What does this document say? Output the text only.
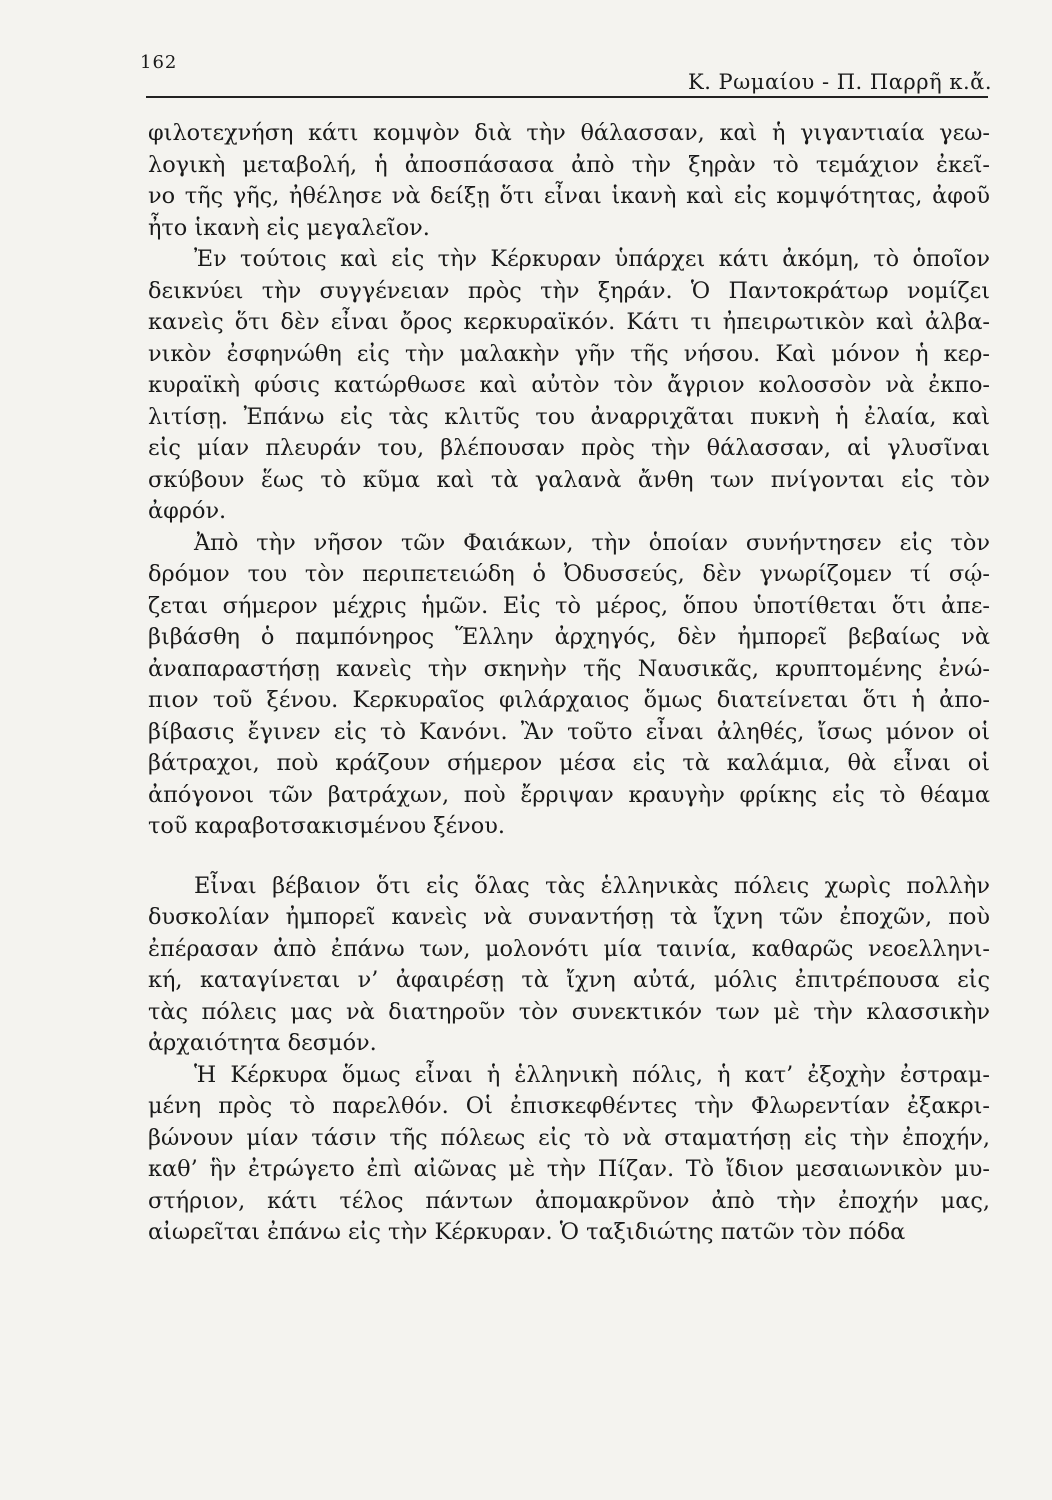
162
Κ. Ρωμαίου - Π. Παρρῆ κ.ἄ.
φιλοτεχνήση κάτι κομψὸν διὰ τὴν θάλασσαν, καὶ ἡ γιγαντιαία γεω-
λογικὴ μεταβολή, ἡ ἀποσπάσασα ἀπὸ τὴν ξηρὰν τὸ τεμάχιον ἐκεῖ-
νο τῆς γῆς, ἠθέλησε νὰ δείξῃ ὅτι εἶναι ἱκανὴ καὶ εἰς κομψότητας, ἀφοῦ
ἦτο ἱκανὴ εἰς μεγαλεῖον.
Ἐν τούτοις καὶ εἰς τὴν Κέρκυραν ὑπάρχει κάτι ἀκόμη, τὸ ὁποῖον
δεικνύει τὴν συγγένειαν πρὸς τὴν ξηράν. Ὁ Παντοκράτωρ νομίζει
κανεὶς ὅτι δὲν εἶναι ὄρος κερκυραϊκόν. Κάτι τι ἠπειρωτικὸν καὶ ἀλβα-
νικὸν ἐσφηνώθη εἰς τὴν μαλακὴν γῆν τῆς νήσου. Καὶ μόνον ἡ κερ-
κυραϊκὴ φύσις κατώρθωσε καὶ αὐτὸν τὸν ἄγριον κολοσσὸν νὰ ἐκπο-
λιτίσῃ. Ἐπάνω εἰς τὰς κλιτῦς του ἀναρριχᾶται πυκνὴ ἡ ἐλαία, καὶ
εἰς μίαν πλευράν του, βλέπουσαν πρὸς τὴν θάλασσαν, αἱ γλυσῖναι
σκύβουν ἕως τὸ κῦμα καὶ τὰ γαλανὰ ἄνθη των πνίγονται εἰς τὸν
ἀφρόν.
Ἀπὸ τὴν νῆσον τῶν Φαιάκων, τὴν ὁποίαν συνήντησεν εἰς τὸν
δρόμον του τὸν περιπετειώδη ὁ Ὀδυσσεύς, δὲν γνωρίζομεν τί σῴ-
ζεται σήμερον μέχρις ἡμῶν. Εἰς τὸ μέρος, ὅπου ὑποτίθεται ὅτι ἀπε-
βιβάσθη ὁ παμπόνηρος Ἕλλην ἀρχηγός, δὲν ἠμπορεῖ βεβαίως νὰ
ἀναπαραστήσῃ κανεὶς τὴν σκηνὴν τῆς Ναυσικᾶς, κρυπτομένης ἐνώ-
πιον τοῦ ξένου. Κερκυραῖος φιλάρχαιος ὅμως διατείνεται ὅτι ἡ ἀπο-
βίβασις ἔγινεν εἰς τὸ Κανόνι. Ἂν τοῦτο εἶναι ἀληθές, ἴσως μόνον οἱ
βάτραχοι, ποὺ κράζουν σήμερον μέσα εἰς τὰ καλάμια, θὰ εἶναι οἱ
ἀπόγονοι τῶν βατράχων, ποὺ ἔρριψαν κραυγὴν φρίκης εἰς τὸ θέαμα
τοῦ καραβοτσακισμένου ξένου.
Εἶναι βέβαιον ὅτι εἰς ὅλας τὰς ἑλληνικὰς πόλεις χωρὶς πολλὴν
δυσκολίαν ἠμπορεῖ κανεὶς νὰ συναντήσῃ τὰ ἴχνη τῶν ἐποχῶν, ποὺ
ἐπέρασαν ἀπὸ ἐπάνω των, μολονότι μία ταινία, καθαρῶς νεοελληνι-
κή, καταγίνεται ν’ ἀφαιρέσῃ τὰ ἴχνη αὐτά, μόλις ἐπιτρέπουσα εἰς
τὰς πόλεις μας νὰ διατηροῦν τὸν συνεκτικόν των μὲ τὴν κλασσικὴν
ἀρχαιότητα δεσμόν.
Ἡ Κέρκυρα ὅμως εἶναι ἡ ἑλληνικὴ πόλις, ἡ κατ’ ἐξοχὴν ἐστραμ-
μένη πρὸς τὸ παρελθόν. Οἱ ἐπισκεφθέντες τὴν Φλωρεντίαν ἐξακρι-
βώνουν μίαν τάσιν τῆς πόλεως εἰς τὸ νὰ σταματήσῃ εἰς τὴν ἐποχήν,
καθ’ ἣν ἐτρώγετο ἐπὶ αἰῶνας μὲ τὴν Πίζαν. Τὸ ἴδιον μεσαιωνικὸν μυ-
στήριον, κάτι τέλος πάντων ἀπομακρῦνον ἀπὸ τὴν ἐποχήν μας,
αἰωρεῖται ἐπάνω εἰς τὴν Κέρκυραν. Ὁ ταξιδιώτης πατῶν τὸν πόδα
